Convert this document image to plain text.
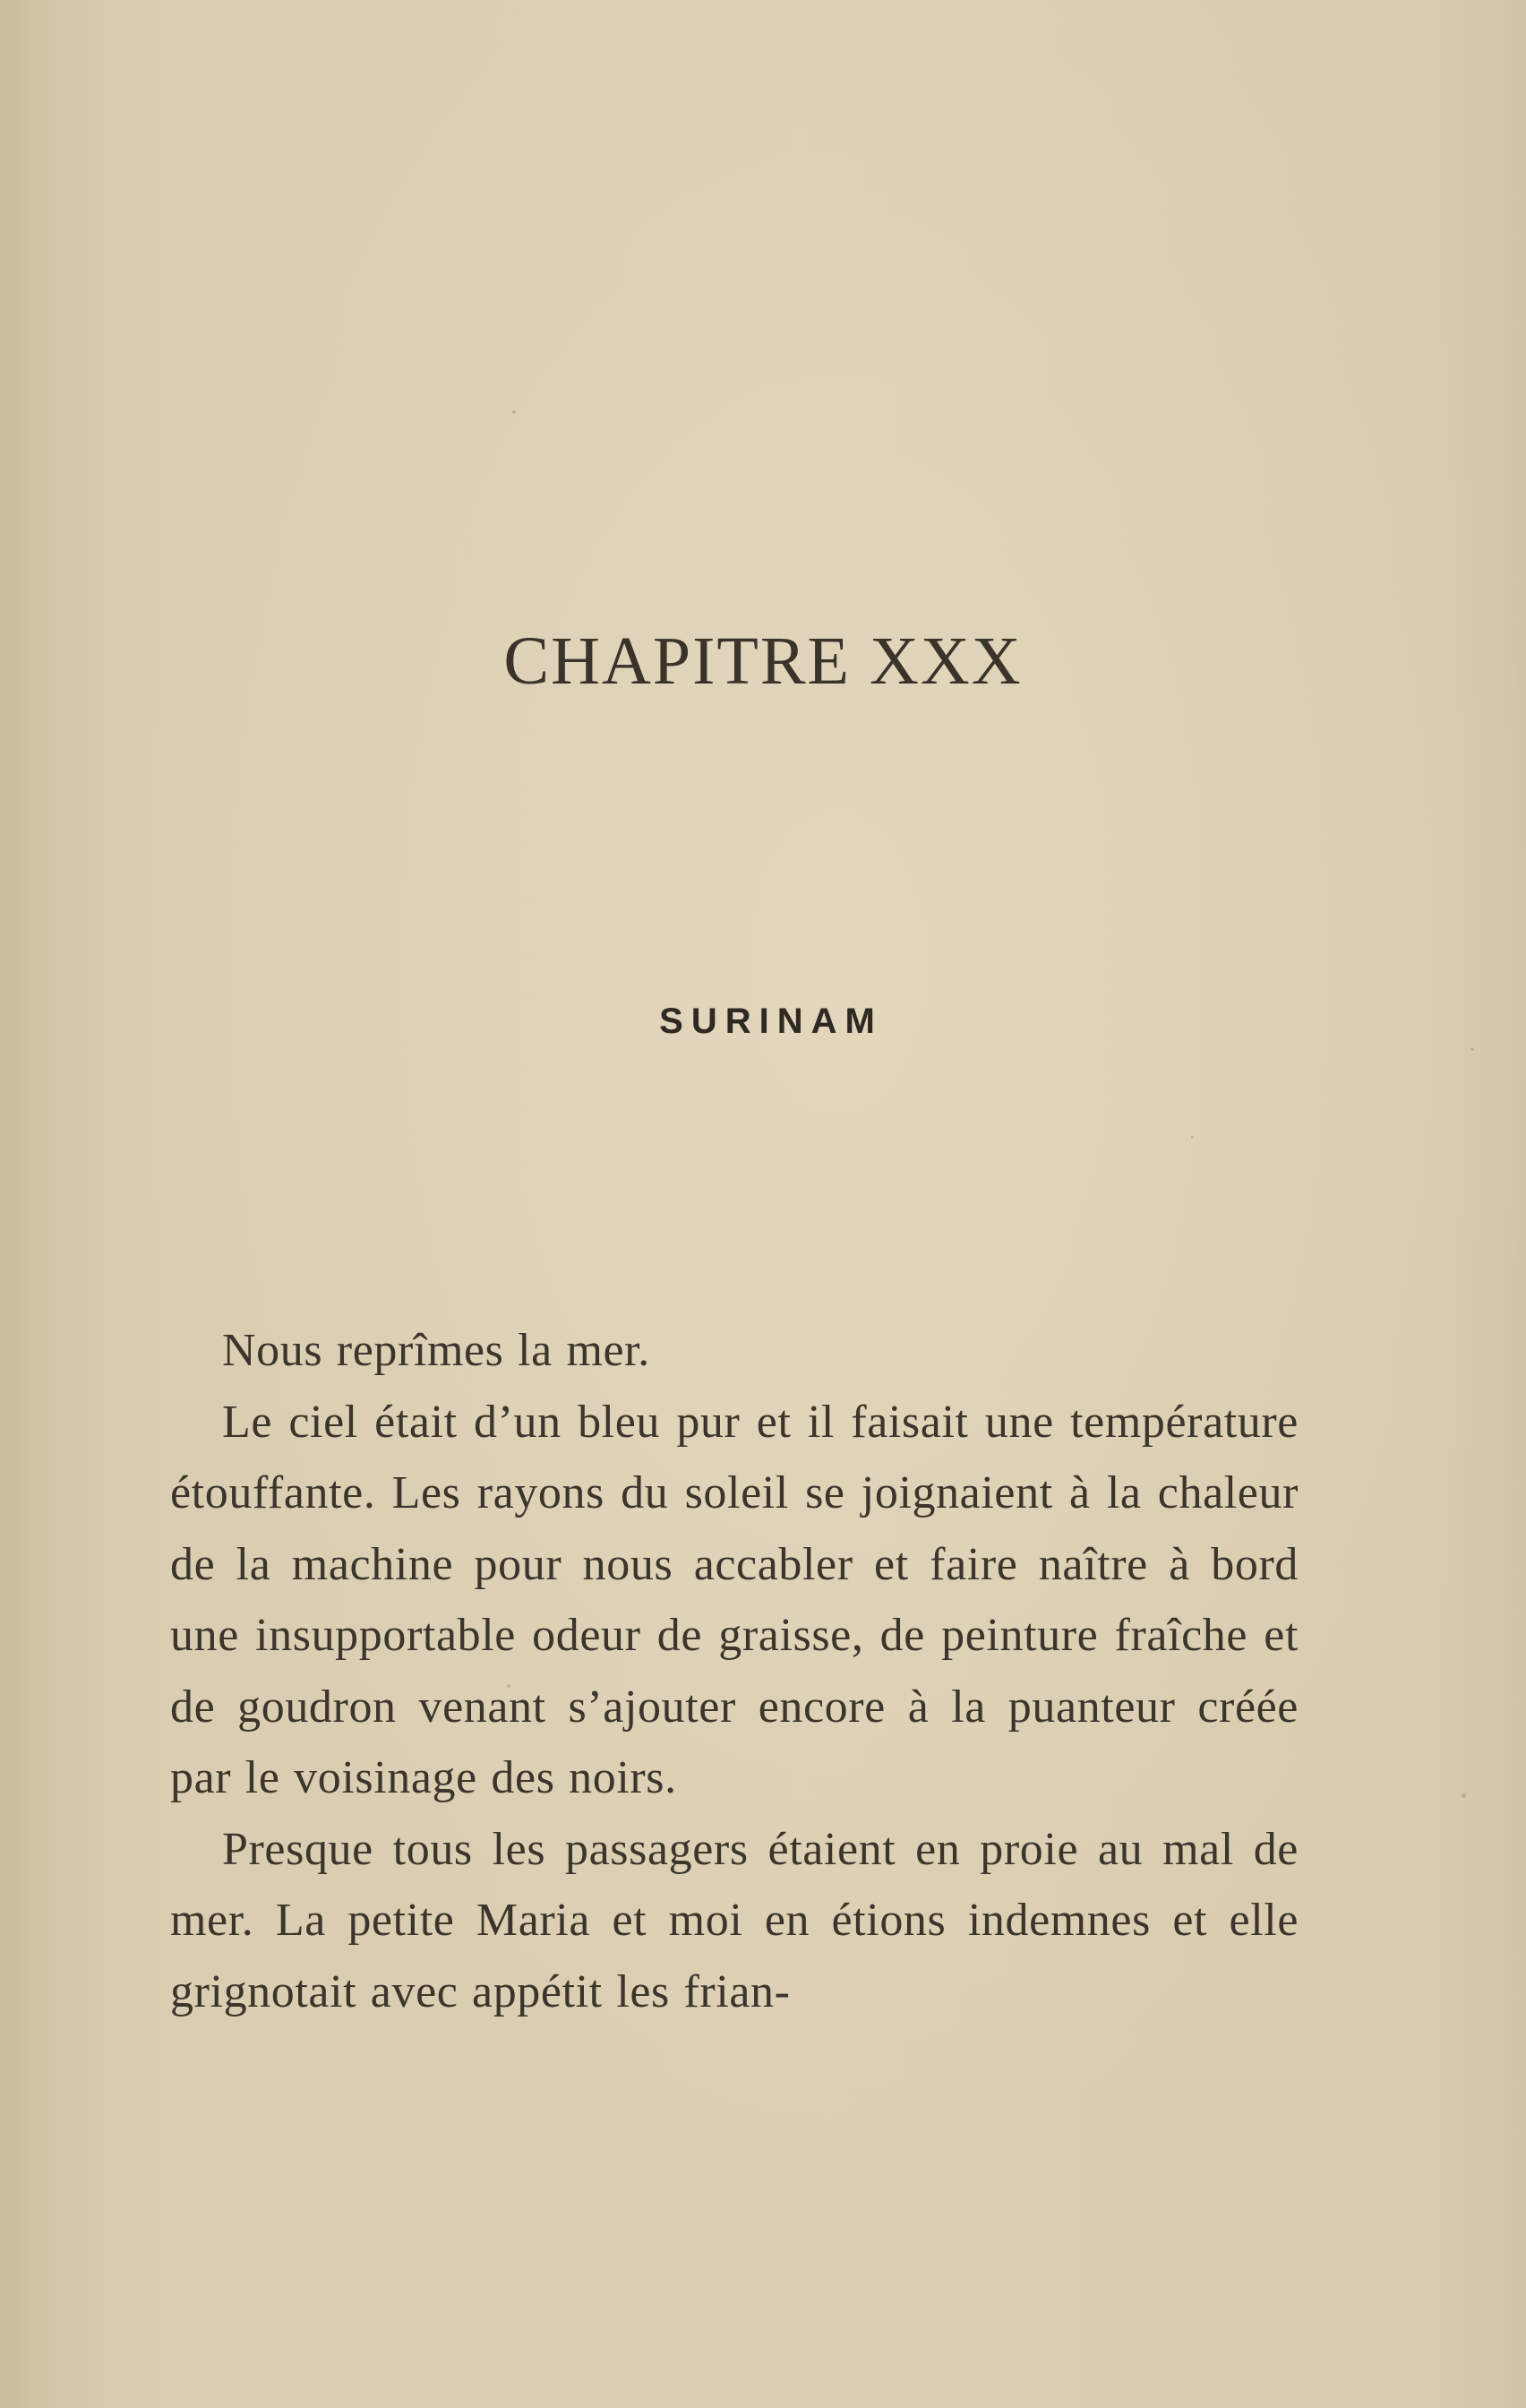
CHAPITRE XXX
SURINAM

Nous reprîmes la mer.

Le ciel était d’un bleu pur et il faisait une température étouffante. Les rayons du soleil se joignaient à la chaleur de la machine pour nous accabler et faire naître à bord une insupportable odeur de graisse, de peinture fraîche et de goudron venant s’ajouter encore à la puanteur créée par le voisinage des noirs.

Presque tous les passagers étaient en proie au mal de mer. La petite Maria et moi en étions indemnes et elle grignotait avec appétit les frian-
